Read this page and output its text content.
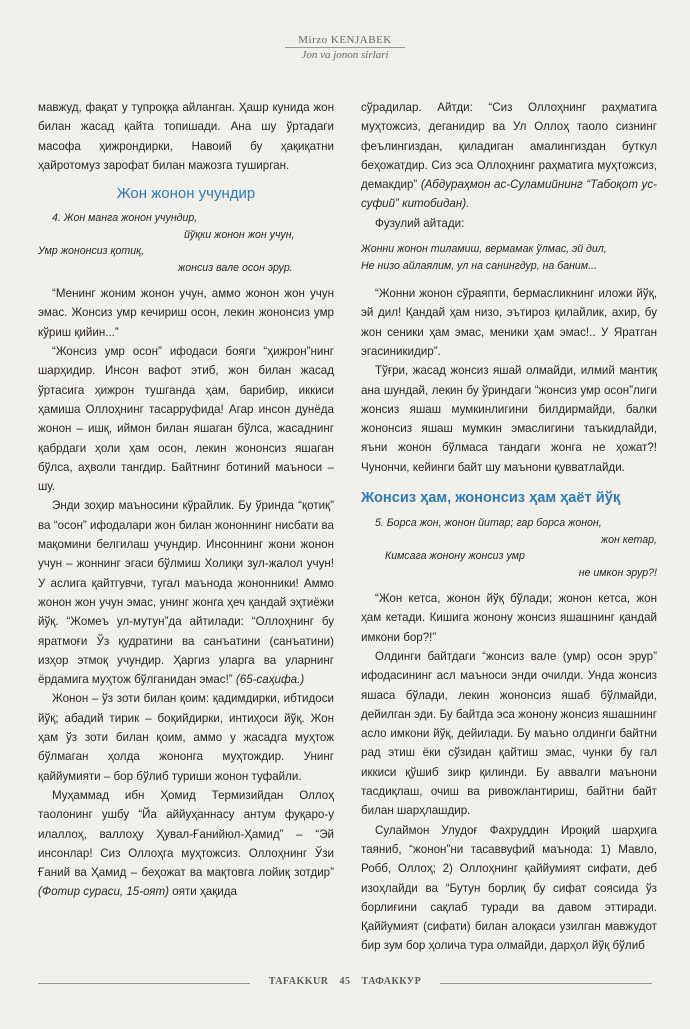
Mirzo KENJABEK
Jon va jonon sirlari

мавжуд, фақат у тупроққа айланган. Ҳашр кунида жон билан жасад қайта топишади. Ана шу ўртадаги масофа ҳижрондирки, Навоий бу ҳақиқатни ҳайротомуз зарофат билан мажозга туширган.

Жон жонон учундир
4. Жон манга жонон учундир,
йўқки жонон жон учун,
Умр жононсиз қотиқ,
жонсиз вале осон эрур.

“Менинг жоним жонон учун, аммо жонон жон учун эмас. Жонсиз умр кечириш осон, лекин жононсиз умр кўриш қийин...”

“Жонсиз умр осон” ифодаси бояги “ҳижрон”нинг шарҳидир. Инсон вафот этиб, жон билан жасад ўртасига ҳижрон тушганда ҳам, барибир, иккиси ҳамиша Оллоҳнинг тасарруфида! Агар инсон дунёда жонон – ишқ, иймон билан яшаган бўлса, жасаднинг қабрдаги ҳоли ҳам осон, лекин жононсиз яшаган бўлса, аҳволи тангдир. Байтнинг ботиний маъноси – шу.

Энди зоҳир маъносини кўрайлик. Бу ўринда “қотиқ” ва “осон” ифодалари жон билан жононнинг нисбати ва мақомини белгилаш учундир. Инсоннинг жони жонон учун – жоннинг эгаси бўлмиш Холиқи зул-жалол учун! У аслига қайтгувчи, тугал маънода жононники! Аммо жонон жон учун эмас, унинг жонга ҳеч қандай эҳтиёжи йўқ. “Жомеъ ул-мутун”да айтилади: “Оллоҳнинг бу яратмоғи Ўз қудратини ва санъатини (санъатини) изҳор этмоқ учундир. Ҳаргиз уларга ва уларнинг ёрдамига муҳтож бўлганидан эмас!” (65-саҳифа.)

Жонон – ўз зоти билан қоим: қадимдирки, ибтидоси йўқ; абадий тирик – боқийдирки, интиҳоси йўқ. Жон ҳам ўз зоти билан қоим, аммо у жасадга муҳтож бўлмаган ҳолда жононга муҳтождир. Унинг қаййумияти – бор бўлиб туриши жонон туфайли.

Муҳаммад ибн Ҳомид Термизийдан Оллоҳ таолонинг ушбу “Йа аййуҳаннасу антум фуқаро-у илаллоҳ, валлоҳу Ҳувал-Ғанийюл-Ҳамид” – “Эй инсонлар! Сиз Оллоҳга муҳтожсиз. Оллоҳнинг Ўзи Ғаний ва Ҳамид – беҳожат ва мақтовга лойиқ зотдир” (Фотир сураси, 15-оят) ояти ҳақида

сўрадилар. Айтди: “Сиз Оллоҳнинг раҳматига муҳтожсиз, деганидир ва Ул Оллоҳ таоло сизнинг феълингиздан, қиладиган амалингиздан буткул беҳожатдир. Сиз эса Оллоҳнинг раҳматига муҳтожсиз, демакдир” (Абдураҳмон ас-Суламийнинг “Табоқот ус-суфий” китобидан).

Фузулий айтади:

Жонни жонон тиламиш, вермамак ўлмас, эй дил,
Не низо айлаялим, ул на санингдур, на баним...

“Жонни жонон сўраяпти, бермасликнинг иложи йўқ, эй дил! Қандай ҳам низо, эътироз қилайлик, ахир, бу жон сеники ҳам эмас, меники ҳам эмас!.. У Яратган эгасиникидир”.

Тўғри, жасад жонсиз яшай олмайди, илмий мантиқ ана шундай, лекин бу ўриндаги “жонсиз умр осон”лиги жонсиз яшаш мумкинлигини билдирмайди, балки жононсиз яшаш мумкин эмаслигини таъкидлайди, яъни жонон бўлмаса тандаги жонга не ҳожат?! Чунончи, кейинги байт шу маънони қувватлайди.

Жонсиз ҳам, жононсиз ҳам ҳаёт йўқ
5. Борса жон, жонон йитар; гар борса жонон,
жон кетар,
Кимсага жонону жонсиз умр
не имкон эрур?!

“Жон кетса, жонон йўқ бўлади; жонон кетса, жон ҳам кетади. Кишига жонону жонсиз яшашнинг қандай имкони бор?!”

Олдинги байтдаги “жонсиз вале (умр) осон эрур” ифодасининг асл маъноси энди очилди. Унда жонсиз яшаса бўлади, лекин жононсиз яшаб бўлмайди, дейилган эди. Бу байтда эса жонону жонсиз яшашнинг асло имкони йўқ, дейилади. Бу маъно олдинги байтни рад этиш ёки сўзидан қайтиш эмас, чунки бу гал иккиси қўшиб зикр қилинди. Бу аввалги маънони тасдиқлаш, очиш ва ривожлантириш, байтни байт билан шарҳлашдир.

Сулаймон Улудоғ Фахруддин Ироқий шарҳига таяниб, “жонон”ни тасаввуфий маънода: 1) Мавло, Робб, Оллоҳ; 2) Оллоҳнинг қаййумият сифати, деб изоҳлайди ва “Бутун борлиқ бу сифат соясида ўз борлиғини сақлаб туради ва давом эттиради. Қаййумият (сифати) билан алоқаси узилган мавжудот бир зум бор ҳолича тура олмайди, дарҳол йўқ бўлиб

TAFAKKUR 45 ТАФАККУР
